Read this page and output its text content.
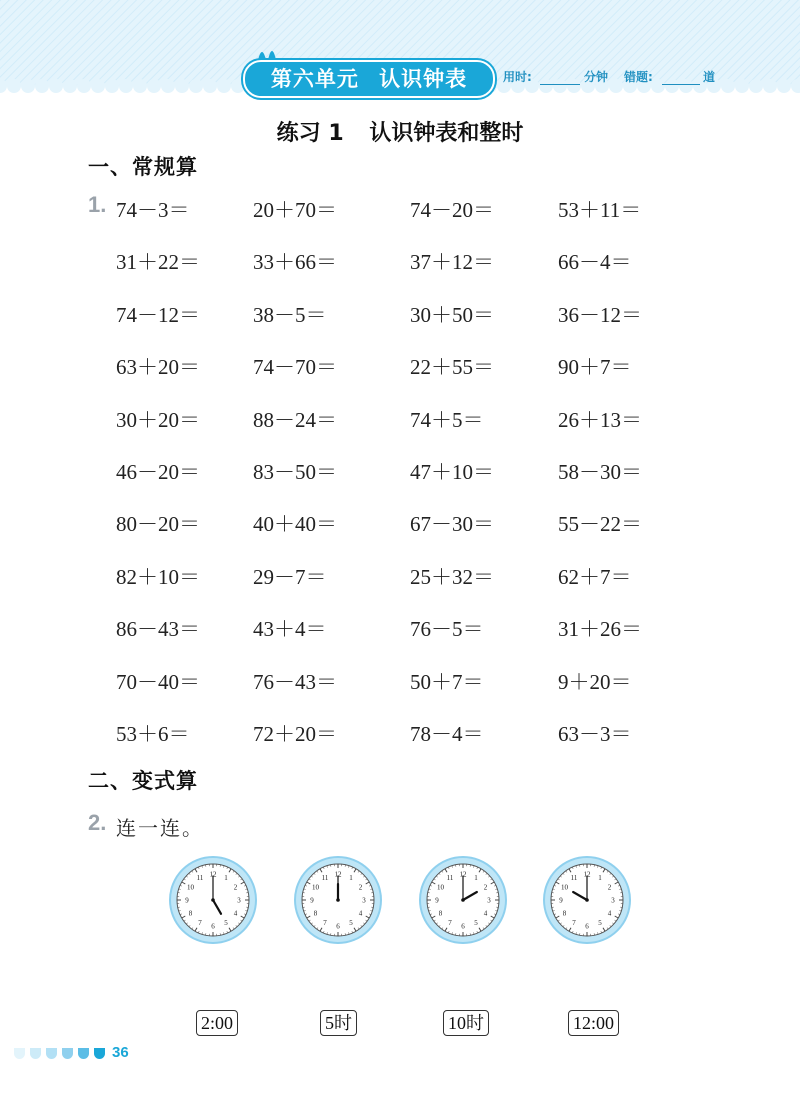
第六单元 认识钟表	用时:	分钟 错题:	道
练习 1 认识钟表和整时
一、常规算
1. 74－3＝	20＋70＝	74－20＝	53＋11＝
31＋22＝	33＋66＝	37＋12＝	66－4＝
74－12＝	38－5＝	30＋50＝	36－12＝
63＋20＝	74－70＝	22＋55＝	90＋7＝
30＋20＝	88－24＝	74＋5＝	26＋13＝
46－20＝	83－50＝	47＋10＝	58－30＝
80－20＝	40＋40＝	67－30＝	55－22＝
82＋10＝	29－7＝	25＋32＝	62＋7＝
86－43＝	43＋4＝	76－5＝	31＋26＝
70－40＝	76－43＝	50＋7＝	9＋20＝
53＋6＝	72＋20＝	78－4＝	63－3＝
二、变式算
2. 连一连。
12 1
2
3
4
5
6
7
8
9
10
11	12 1
2
3
4
5
6
7
8
9
10
11	12 1
2
3
4
5
6
7
8
9
10
11	12 1
2
3
4
5
6
7
8
9
10
11
2:00	5时	10时	12:00
36
